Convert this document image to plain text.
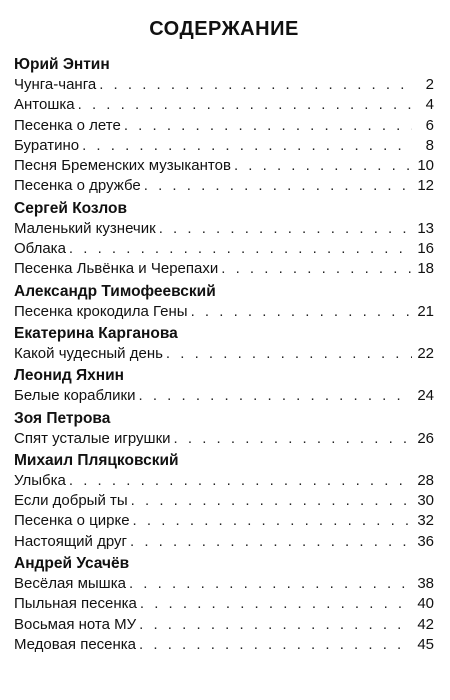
СОДЕРЖАНИЕ
Юрий Энтин
Чунга-чанга . . .	2
Антошка . . .	4
Песенка о лете . . .	6
Буратино . . .	8
Песня Бременских музыкантов . . .	10
Песенка о дружбе . . .	12
Сергей Козлов
Маленький кузнечик . . .	13
Облака . . .	16
Песенка Львёнка и Черепахи . . .	18
Александр Тимофеевский
Песенка крокодила Гены . . .	21
Екатерина Карганова
Какой чудесный день . . .	22
Леонид Яхнин
Белые кораблики . . .	24
Зоя Петрова
Спят усталые игрушки . . .	26
Михаил Пляцковский
Улыбка . . .	28
Если добрый ты . . .	30
Песенка о цирке . . .	32
Настоящий друг . . .	36
Андрей Усачёв
Весёлая мышка . . .	38
Пыльная песенка . . .	40
Восьмая нота МУ . . .	42
Медовая песенка . . .	45
